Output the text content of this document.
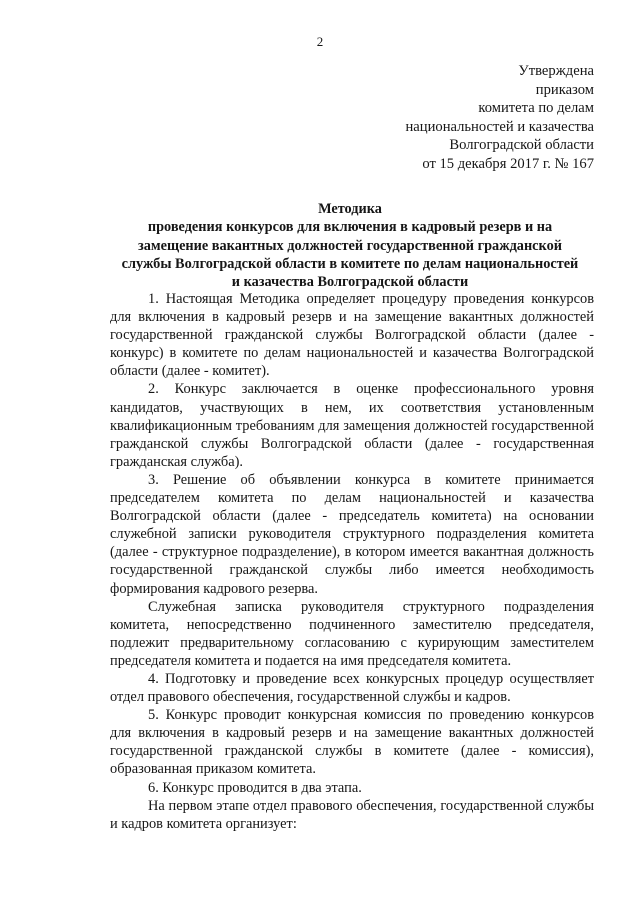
2
Утверждена
приказом
комитета по делам
национальностей и казачества
Волгоградской области
от 15 декабря 2017 г. № 167
Методика
проведения конкурсов для включения в кадровый резерв и на
замещение вакантных должностей государственной гражданской
службы Волгоградской области в комитете по делам национальностей
и казачества Волгоградской области

1. Настоящая Методика определяет процедуру проведения конкурсов для включения в кадровый резерв и на замещение вакантных должностей государственной гражданской службы Волгоградской области (далее - конкурс) в комитете по делам национальностей и казачества Волгоградской области (далее - комитет).

2. Конкурс заключается в оценке профессионального уровня кандидатов, участвующих в нем, их соответствия установленным квалификационным требованиям для замещения должностей государственной гражданской службы Волгоградской области (далее - государственная гражданская служба).

3. Решение об объявлении конкурса в комитете принимается председателем комитета по делам национальностей и казачества Волгоградской области (далее - председатель комитета) на основании служебной записки руководителя структурного подразделения комитета (далее - структурное подразделение), в котором имеется вакантная должность государственной гражданской службы либо имеется необходимость формирования кадрового резерва.

Служебная записка руководителя структурного подразделения комитета, непосредственно подчиненного заместителю председателя, подлежит предварительному согласованию с курирующим заместителем председателя комитета и подается на имя председателя комитета.

4. Подготовку и проведение всех конкурсных процедур осуществляет отдел правового обеспечения, государственной службы и кадров.

5. Конкурс проводит конкурсная комиссия по проведению конкурсов для включения в кадровый резерв и на замещение вакантных должностей государственной гражданской службы в комитете (далее - комиссия), образованная приказом комитета.

6. Конкурс проводится в два этапа.

На первом этапе отдел правового обеспечения, государственной службы и кадров комитета организует:
